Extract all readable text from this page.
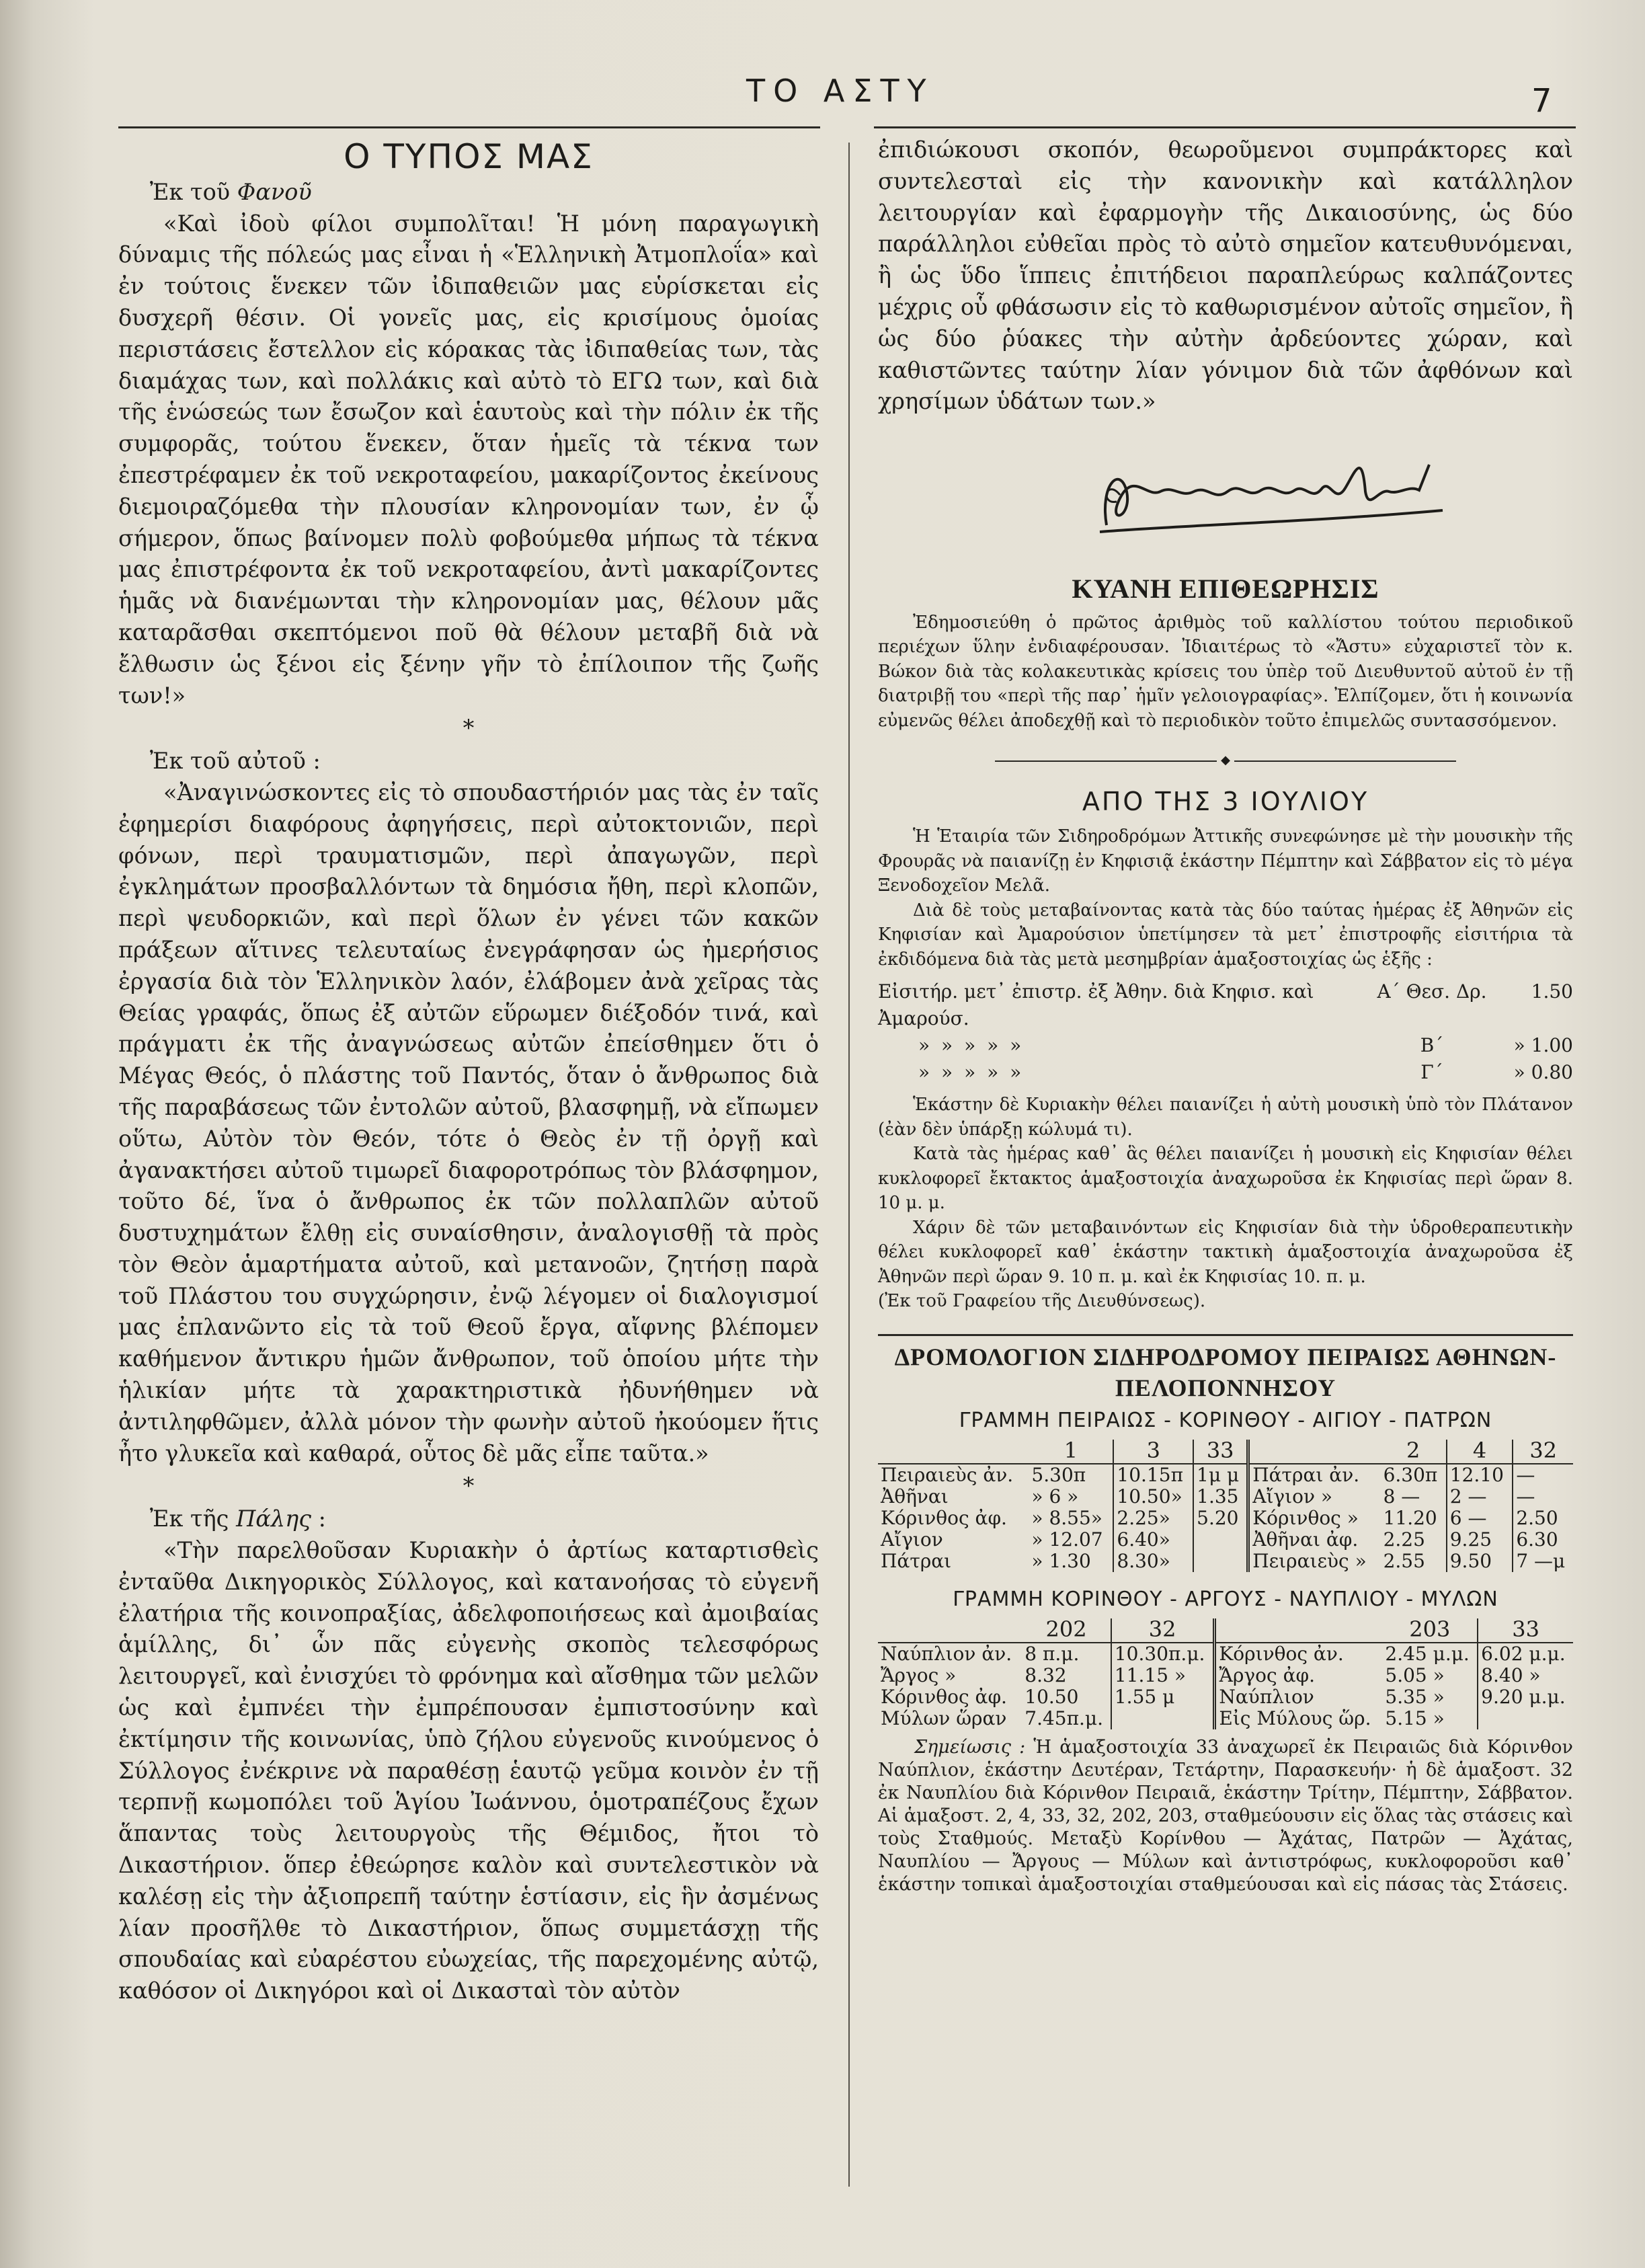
ΤΟ ΑΣΤΥ	7
Ο ΤΥΠΟΣ ΜΑΣ

Ἐκ τοῦ Φανοῦ

«Καὶ ἰδοὺ φίλοι συμπολῖται! Ἡ μόνη παραγωγικὴ δύναμις τῆς πόλεώς μας εἶναι ἡ «Ἑλληνικὴ Ἀτμοπλοΐα» καὶ ἐν τούτοις ἕνεκεν τῶν ἰδιπαθειῶν μας εὑρίσκεται εἰς δυσχερῆ θέσιν. Οἱ γονεῖς μας, εἰς κρισίμους ὁμοίας περιστάσεις ἔστελλον εἰς κόρακας τὰς ἰδιπαθείας των, τὰς διαμάχας των, καὶ πολλάκις καὶ αὐτὸ τὸ ΕΓΩ των, καὶ διὰ τῆς ἑνώσεώς των ἔσωζον καὶ ἑαυτοὺς καὶ τὴν πόλιν ἐκ τῆς συμφορᾶς, τούτου ἕνεκεν, ὅταν ἡμεῖς τὰ τέκνα των ἐπεστρέφαμεν ἐκ τοῦ νεκροταφείου, μακαρίζοντος ἐκείνους διεμοιραζόμεθα τὴν πλουσίαν κληρονομίαν των, ἐν ᾧ σήμερον, ὅπως βαίνομεν πολὺ φοβούμεθα μήπως τὰ τέκνα μας ἐπιστρέφοντα ἐκ τοῦ νεκροταφείου, ἀντὶ μακαρίζοντες ἡμᾶς νὰ διανέμωνται τὴν κληρονομίαν μας, θέλουν μᾶς καταρᾶσθαι σκεπτόμενοι ποῦ θὰ θέλουν μεταβῆ διὰ νὰ ἔλθωσιν ὡς ξένοι εἰς ξένην γῆν τὸ ἐπίλοιπον τῆς ζωῆς των!»

*

Ἐκ τοῦ αὐτοῦ :

«Ἀναγινώσκοντες εἰς τὸ σπουδαστήριόν μας τὰς ἐν ταῖς ἐφημερίσι διαφόρους ἀφηγήσεις, περὶ αὐτοκτονιῶν, περὶ φόνων, περὶ τραυματισμῶν, περὶ ἀπαγωγῶν, περὶ ἐγκλημάτων προσβαλλόντων τὰ δημόσια ἤθη, περὶ κλοπῶν, περὶ ψευδορκιῶν, καὶ περὶ ὅλων ἐν γένει τῶν κακῶν πράξεων αἵτινες τελευταίως ἐνεγράφησαν ὡς ἡμερήσιος ἐργασία διὰ τὸν Ἑλληνικὸν λαόν, ἐλάβομεν ἀνὰ χεῖρας τὰς Θείας γραφάς, ὅπως ἐξ αὐτῶν εὕρωμεν διέξοδόν τινά, καὶ πράγματι ἐκ τῆς ἀναγνώσεως αὐτῶν ἐπείσθημεν ὅτι ὁ Μέγας Θεός, ὁ πλάστης τοῦ Παντός, ὅταν ὁ ἄνθρωπος διὰ τῆς παραβάσεως τῶν ἐντολῶν αὐτοῦ, βλασφημῇ, νὰ εἴπωμεν οὕτω, Αὐτὸν τὸν Θεόν, τότε ὁ Θεὸς ἐν τῇ ὀργῇ καὶ ἀγανακτήσει αὐτοῦ τιμωρεῖ διαφοροτρόπως τὸν βλάσφημον, τοῦτο δέ, ἵνα ὁ ἄνθρωπος ἐκ τῶν πολλαπλῶν αὐτοῦ δυστυχημάτων ἔλθῃ εἰς συναίσθησιν, ἀναλογισθῇ τὰ πρὸς τὸν Θεὸν ἁμαρτήματα αὐτοῦ, καὶ μετανοῶν, ζητήσῃ παρὰ τοῦ Πλάστου του συγχώρησιν, ἐνῷ λέγομεν οἱ διαλογισμοί μας ἐπλανῶντο εἰς τὰ τοῦ Θεοῦ ἔργα, αἴφνης βλέπομεν καθήμενον ἄντικρυ ἡμῶν ἄνθρωπον, τοῦ ὁποίου μήτε τὴν ἡλικίαν μήτε τὰ χαρακτηριστικὰ ἠδυνήθημεν νὰ ἀντιληφθῶμεν, ἀλλὰ μόνον τὴν φωνὴν αὐτοῦ ἠκούομεν ἥτις ἦτο γλυκεῖα καὶ καθαρά, οὗτος δὲ μᾶς εἶπε ταῦτα.»

*

Ἐκ τῆς Πάλης :

«Τὴν παρελθοῦσαν Κυριακὴν ὁ ἀρτίως καταρτισθεὶς ἐνταῦθα Δικηγορικὸς Σύλλογος, καὶ κατανοήσας τὸ εὐγενῆ ἐλατήρια τῆς κοινοπραξίας, ἀδελφοποιήσεως καὶ ἀμοιβαίας ἁμίλλης, δι᾽ ὧν πᾶς εὐγενὴς σκοπὸς τελεσφόρως λειτουργεῖ, καὶ ἐνισχύει τὸ φρόνημα καὶ αἴσθημα τῶν μελῶν ὡς καὶ ἐμπνέει τὴν ἐμπρέπουσαν ἐμπιστοσύνην καὶ ἐκτίμησιν τῆς κοινωνίας, ὑπὸ ζήλου εὐγενοῦς κινούμενος ὁ Σύλλογος ἐνέκρινε νὰ παραθέσῃ ἑαυτῷ γεῦμα κοινὸν ἐν τῇ τερπνῇ κωμοπόλει τοῦ Ἁγίου Ἰωάννου, ὁμοτραπέζους ἔχων ἅπαντας τοὺς λειτουργοὺς τῆς Θέμιδος, ἤτοι τὸ Δικαστήριον. ὅπερ ἐθεώρησε καλὸν καὶ συντελεστικὸν νὰ καλέσῃ εἰς τὴν ἀξιοπρεπῆ ταύτην ἑστίασιν, εἰς ἣν ἀσμένως λίαν προσῆλθε τὸ Δικαστήριον, ὅπως συμμετάσχῃ τῆς σπουδαίας καὶ εὐαρέστου εὐωχείας, τῆς παρεχομένης αὐτῷ, καθόσον οἱ Δικηγόροι καὶ οἱ Δικασταὶ τὸν αὐτὸν

ἐπιδιώκουσι σκοπόν, θεωροῦμενοι συμπράκτορες καὶ συντελεσταὶ εἰς τὴν κανονικὴν καὶ κατάλληλον λειτουργίαν καὶ ἐφαρμογὴν τῆς Δικαιοσύνης, ὡς δύο παράλληλοι εὐθεῖαι πρὸς τὸ αὐτὸ σημεῖον κατευθυνόμεναι, ἢ ὡς ὕδο ἵππεις ἐπιτήδειοι παραπλεύρως καλπάζοντες μέχρις οὗ φθάσωσιν εἰς τὸ καθωρισμένον αὐτοῖς σημεῖον, ἢ ὡς δύο ῥύακες τὴν αὐτὴν ἀρδεύοντες χώραν, καὶ καθιστῶντες ταύτην λίαν γόνιμον διὰ τῶν ἀφθόνων καὶ χρησίμων ὑδάτων των.»

ΚΥΑΝΗ ΕΠΙΘΕΩΡΗΣΙΣ

Ἐδημοσιεύθη ὁ πρῶτος ἀριθμὸς τοῦ καλλίστου τούτου περιοδικοῦ περιέχων ὕλην ἐνδιαφέρουσαν. Ἰδιαιτέρως τὸ «Ἄστυ» εὐχαριστεῖ τὸν κ. Βώκον διὰ τὰς κολακευτικὰς κρίσεις του ὑπὲρ τοῦ Διευθυντοῦ αὐτοῦ ἐν τῇ διατριβῇ του «περὶ τῆς παρ᾽ ἡμῖν γελοιογραφίας». Ἐλπίζομεν, ὅτι ἡ κοινωνία εὐμενῶς θέλει ἀποδεχθῇ καὶ τὸ περιοδικὸν τοῦτο ἐπιμελῶς συντασσόμενον.

◆
ΑΠΟ ΤΗΣ 3 ΙΟΥΛΙΟΥ

Ἡ Ἑταιρία τῶν Σιδηροδρόμων Ἀττικῆς συνεφώνησε μὲ τὴν μουσικὴν τῆς Φρουρᾶς νὰ παιανίζῃ ἐν Κηφισιᾷ ἑκάστην Πέμπτην καὶ Σάββατον εἰς τὸ μέγα Ξενοδοχεῖον Μελᾶ.

Διὰ δὲ τοὺς μεταβαίνοντας κατὰ τὰς δύο ταύτας ἡμέρας ἐξ Ἀθηνῶν εἰς Κηφισίαν καὶ Ἀμαρούσιον ὑπετίμησεν τὰ μετ᾽ ἐπιστροφῆς εἰσιτήρια τὰ ἐκδιδόμενα διὰ τὰς μετὰ μεσημβρίαν ἁμαξοστοιχίας ὡς ἑξῆς :

Εἰσιτήρ. μετ᾽ ἐπιστρ. ἐξ Ἀθην. διὰ Κηφισ. καὶ Ἀμαρούσ.
Α´ Θεσ. Δρ.	1.50
» » » » »	Β´	» 1.00
» » » » »	Γ´	» 0.80

Ἑκάστην δὲ Κυριακὴν θέλει παιανίζει ἡ αὐτὴ μουσικὴ ὑπὸ τὸν Πλάτανον (ἐὰν δὲν ὑπάρξῃ κώλυμά τι).

Κατὰ τὰς ἡμέρας καθ᾽ ἃς θέλει παιανίζει ἡ μουσικὴ εἰς Κηφισίαν θέλει κυκλοφορεῖ ἔκτακτος ἁμαξοστοιχία ἀναχωροῦσα ἐκ Κηφισίας περὶ ὥραν 8. 10 μ. μ.

Χάριν δὲ τῶν μεταβαινόντων εἰς Κηφισίαν διὰ τὴν ὑδροθεραπευτικὴν θέλει κυκλοφορεῖ καθ᾽ ἑκάστην τακτικὴ ἁμαξοστοιχία ἀναχωροῦσα ἐξ Ἀθηνῶν περὶ ὥραν 9. 10 π. μ. καὶ ἐκ Κηφισίας 10. π. μ.

(Ἐκ τοῦ Γραφείου τῆς Διευθύνσεως).

ΔΡΟΜΟΛΟΓΙΟΝ ΣΙΔΗΡΟΔΡΟΜΟΥ ΠΕΙΡΑΙΩΣ ΑΘΗΝΩΝ-ΠΕΛΟΠΟΝΝΗΣΟΥ
ΓΡΑΜΜΗ ΠΕΙΡΑΙΩΣ - ΚΟΡΙΝΘΟΥ - ΑΙΓΙΟΥ - ΠΑΤΡΩΝ
	1	3	33		2	4	32
Πειραιεὺς ἀν.	5.30π	10.15π	1μ μ	Πάτραι ἀν.	6.30π	12.10	—
Ἀθῆναι	» 6 »	10.50»	1.35	Αἴγιον »	8 —	2 —	—
Κόρινθος ἀφ.	» 8.55»	2.25»	5.20	Κόρινθος »	11.20	6 —	2.50
Αἴγιον	» 12.07	6.40»		Ἀθῆναι ἀφ.	2.25	9.25	6.30
Πάτραι	» 1.30	8.30»		Πειραιεὺς »	2.55	9.50	7 —μ
ΓΡΑΜΜΗ ΚΟΡΙΝΘΟΥ - ΑΡΓΟΥΣ - ΝΑΥΠΛΙΟΥ - ΜΥΛΩΝ
	202	32		203	33
Ναύπλιον ἀν.	8 π.μ.	10.30π.μ.	Κόρινθος ἀν.	2.45 μ.μ.	6.02 μ.μ.
Ἄργος »	8.32	11.15 »	Ἄργος ἀφ.	5.05 »	8.40 »
Κόρινθος ἀφ.	10.50	1.55 μ	Ναύπλιον	5.35 »	9.20 μ.μ.
Μύλων ὥραν	7.45π.μ.		Εἰς Μύλους ὥρ.	5.15 »	

Σημείωσις : Ἡ ἁμαξοστοιχία 33 ἀναχωρεῖ ἐκ Πειραιῶς διὰ Κόρινθον Ναύπλιον, ἑκάστην Δευτέραν, Τετάρτην, Παρασκευήν· ἡ δὲ ἁμαξοστ. 32 ἐκ Ναυπλίου διὰ Κόρινθον Πειραιᾶ, ἑκάστην Τρίτην, Πέμπτην, Σάββατον. Αἱ ἁμαξοστ. 2, 4, 33, 32, 202, 203, σταθμεύουσιν εἰς ὅλας τὰς στάσεις καὶ τοὺς Σταθμούς. Μεταξὺ Κορίνθου — Ἀχάτας, Πατρῶν — Ἀχάτας, Ναυπλίου — Ἄργους — Μύλων καὶ ἀντιστρόφως, κυκλοφοροῦσι καθ᾽ ἑκάστην τοπικαὶ ἁμαξοστοιχίαι σταθμεύουσαι καὶ εἰς πάσας τὰς Στάσεις.
